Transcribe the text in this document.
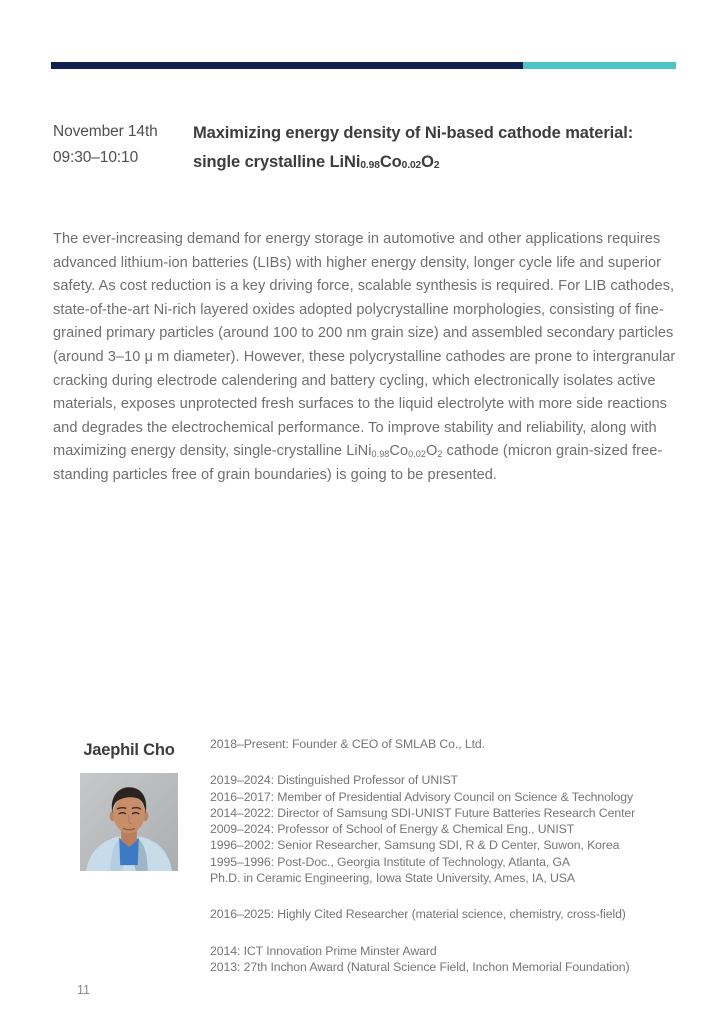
November 14th
09:30–10:10
Maximizing energy density of Ni-based cathode material:
single crystalline $LiNi_{0.98}Co_{0.02}O_2$
The ever-increasing demand for energy storage in automotive and other applications requires advanced lithium-ion batteries (LIBs) with higher energy density, longer cycle life and superior safety. As cost reduction is a key driving force, scalable synthesis is required. For LIB cathodes, state-of-the-art Ni-rich layered oxides adopted polycrystalline morphologies, consisting of fine-grained primary particles (around 100 to 200 nm grain size) and assembled secondary particles (around 3–10 μ m diameter). However, these polycrystalline cathodes are prone to intergranular cracking during electrode calendering and battery cycling, which electronically isolates active materials, exposes unprotected fresh surfaces to the liquid electrolyte with more side reactions and degrades the electrochemical performance. To improve stability and reliability, along with maximizing energy density, single-crystalline $LiNi_{0.98}Co_{0.02}O_2$ cathode (micron grain-sized free-standing particles free of grain boundaries) is going to be presented.
Jaephil Cho	2018–Present: Founder & CEO of SMLAB Co., Ltd.
2019–2024: Distinguished Professor of UNIST
2016–2017: Member of Presidential Advisory Council on Science & Technology
2014–2022: Director of Samsung SDI-UNIST Future Batteries Research Center
2009–2024: Professor of School of Energy & Chemical Eng., UNIST
1996–2002: Senior Researcher, Samsung SDI, R & D Center, Suwon, Korea
1995–1996: Post-Doc., Georgia Institute of Technology, Atlanta, GA
Ph.D. in Ceramic Engineering, Iowa State University, Ames, IA, USA
2016–2025: Highly Cited Researcher (material science, chemistry, cross-field)
2014: ICT Innovation Prime Minster Award
2013: 27th Inchon Award (Natural Science Field, Inchon Memorial Foundation)
11
